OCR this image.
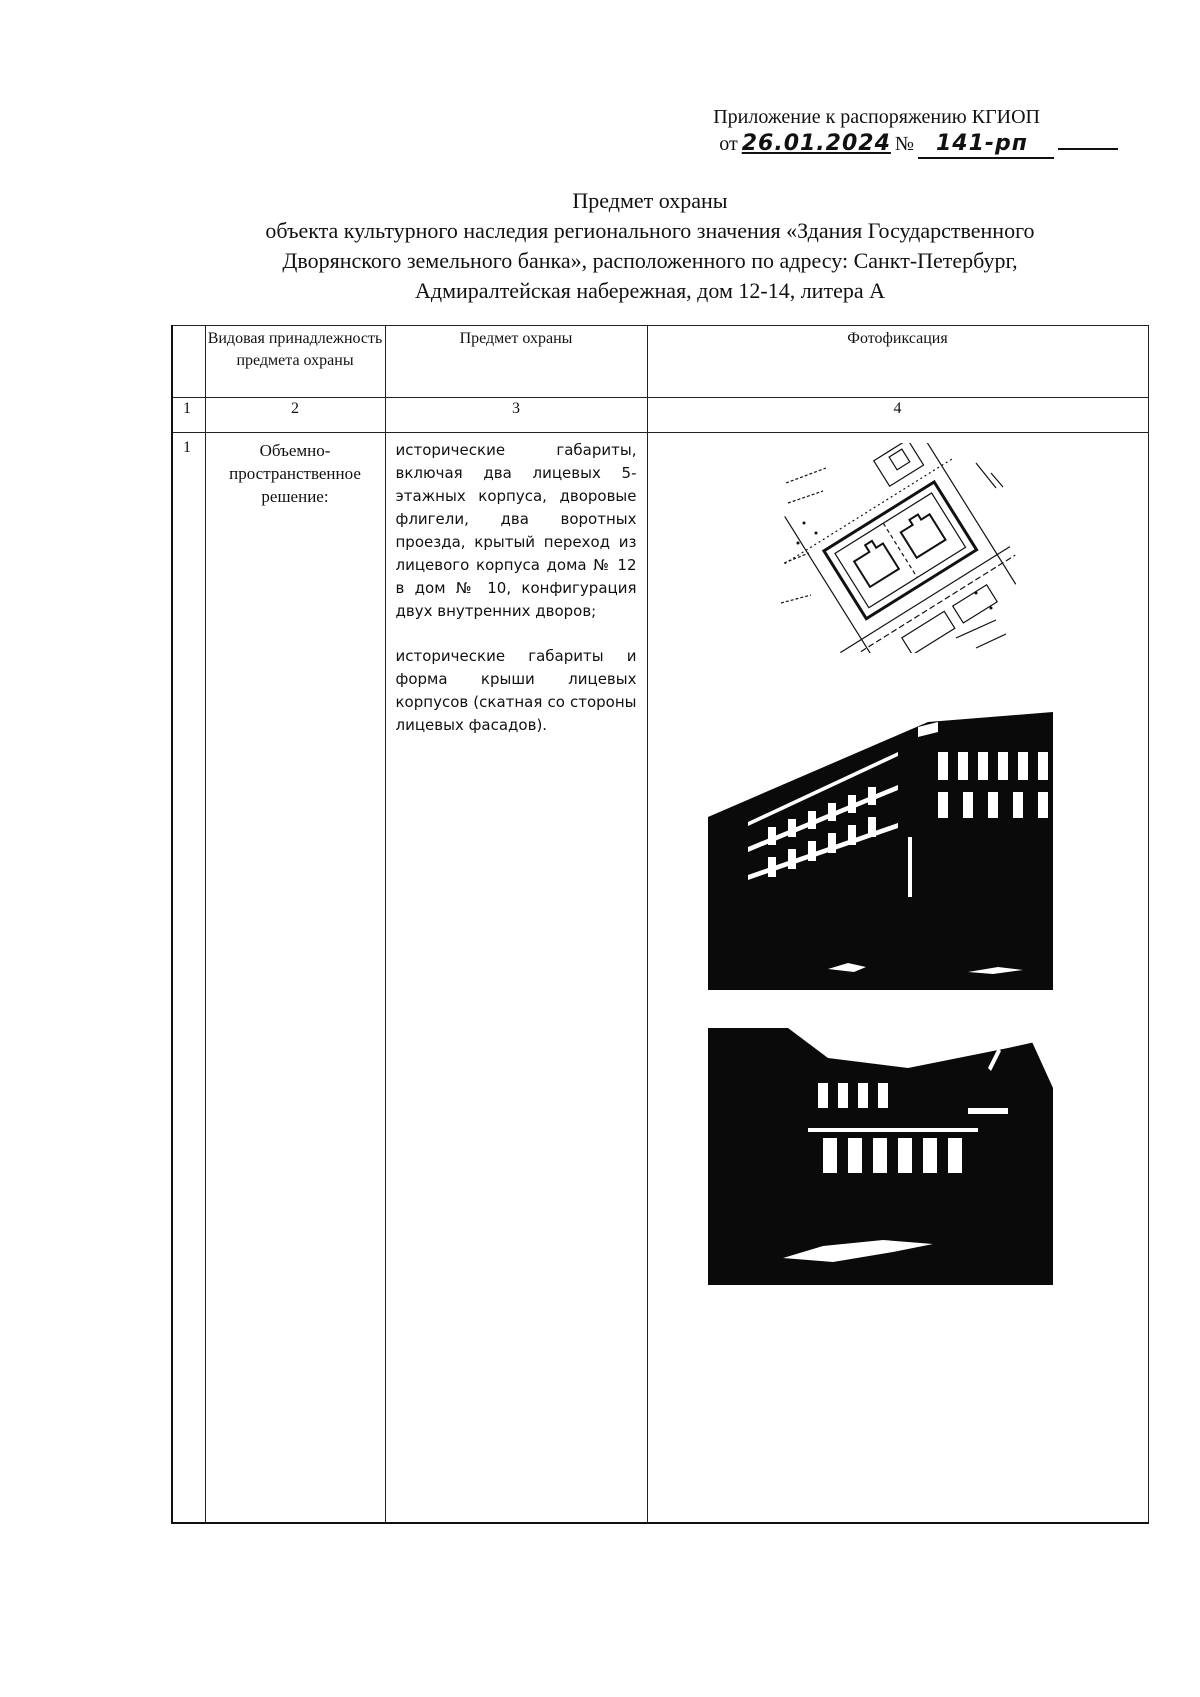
Приложение к распоряжению КГИОП
от 26.01.2024 №	141-рп
Предмет охраны
объекта культурного наследия регионального значения «Здания Государственного
Дворянского земельного банка», расположенного по адресу: Санкт-Петербург,
Адмиралтейская набережная, дом 12-14, литера А
	Видовая принадлежность предмета охраны	Предмет охраны	Фотофиксация
1	2	3	4
1	Объемно-пространственное решение:	исторические габариты, включая два лицевых 5-этажных корпуса, дворовые флигели, два воротных проезда, крытый переход из лицевого корпуса дома № 12 в дом № 10, конфигурация двух внутренних дворов;

исторические габариты и форма крыши лицевых корпусов (скатная со стороны лицевых фасадов).
